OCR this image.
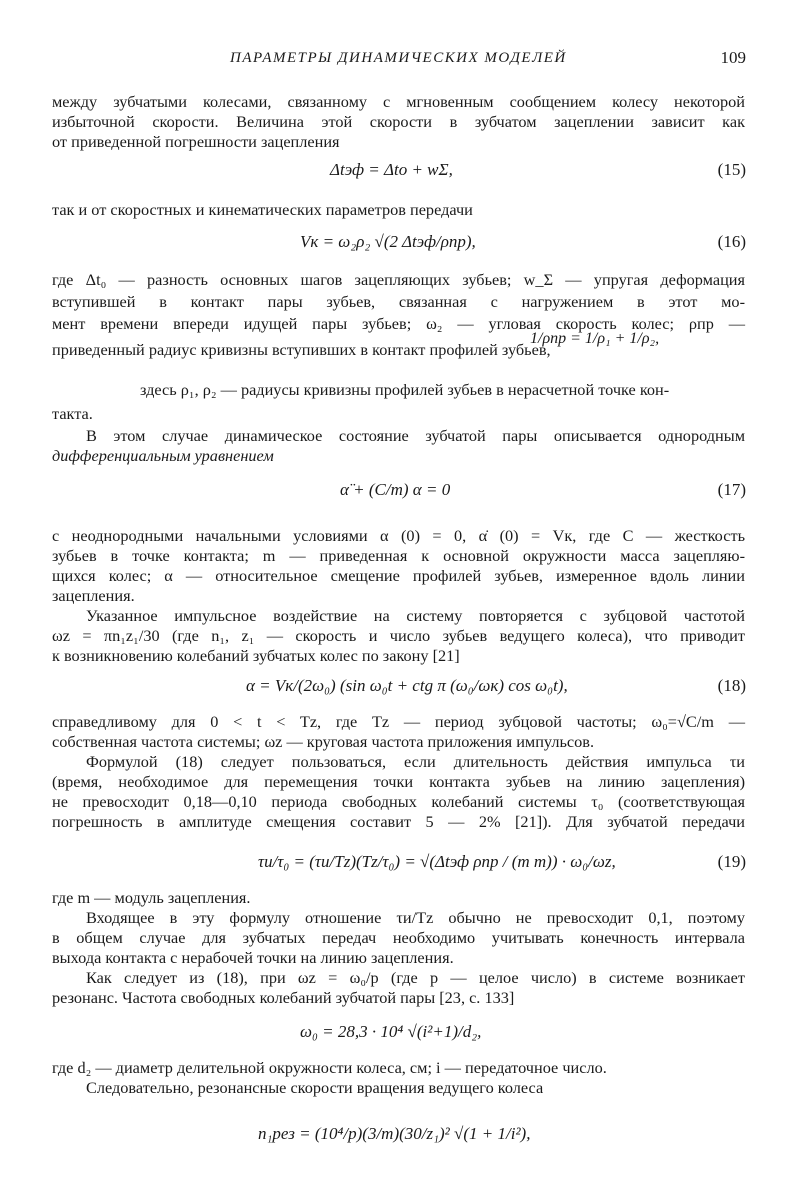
ПАРАМЕТРЫ ДИНАМИЧЕСКИХ МОДЕЛЕЙ	109
между зубчатыми колесами, связанному с мгновенным сообщением колесу некоторой
избыточной скорости. Величина этой скорости в зубчатом зацеплении зависит как
от приведенной погрешности зацепления
Δtэф = Δtо + wΣ,	(15)
так и от скоростных и кинематических параметров передачи
Vк = ω₂ρ₂ √(2 Δtэф/ρпр),	(16)
где Δt₀ — разность основных шагов зацепляющих зубьев; w_Σ — упругая деформация
вступившей в контакт пары зубьев, связанная с нагружением в этот мо-
мент времени впереди идущей пары зубьев; ω₂ — угловая скорость колес; ρпр —
приведенный радиус кривизны вступивших в контакт профилей зубьев,
1/ρпр = 1/ρ₁ + 1/ρ₂,
здесь ρ₁, ρ₂ — радиусы кривизны профилей зубьев в нерасчетной точке кон-
такта.
В этом случае динамическое состояние зубчатой пары описывается однородным
дифференциальным уравнением
α̈ + (C/m) α = 0	(17)
с неоднородными начальными условиями α (0) = 0, α̇ (0) = Vк, где C — жесткость
зубьев в точке контакта; m — приведенная к основной окружности масса зацепляю-
щихся колес; α — относительное смещение профилей зубьев, измеренное вдоль линии
зацепления.
Указанное импульсное воздействие на систему повторяется с зубцовой частотой
ωz = πn₁z₁/30 (где n₁, z₁ — скорость и число зубьев ведущего колеса), что приводит
к возникновению колебаний зубчатых колес по закону [21]
α = Vк/(2ω₀) (sin ω₀t + ctg π (ω₀/ωк) cos ω₀t),	(18)
справедливому для 0 < t < Tz, где Tz — период зубцовой частоты; ω₀=√C/m —
собственная частота системы; ωz — круговая частота приложения импульсов.
Формулой (18) следует пользоваться, если длительность действия импульса τи
(время, необходимое для перемещения точки контакта зубьев на линию зацепления)
не превосходит 0,18—0,10 периода свободных колебаний системы τ₀ (соответствующая
погрешность в амплитуде смещения составит 5 — 2% [21]). Для зубчатой передачи
τи/τ₀ = (τи/Tz)(Tz/τ₀) = √(Δtэф ρпр / (m m)) · ω₀/ωz,	(19)
где m — модуль зацепления.
Входящее в эту формулу отношение τи/Tz обычно не превосходит 0,1, поэтому
в общем случае для зубчатых передач необходимо учитывать конечность интервала
выхода контакта с нерабочей точки на линию зацепления.
Как следует из (18), при ωz = ω₀/p (где p — целое число) в системе возникает
резонанс. Частота свободных колебаний зубчатой пары [23, с. 133]
ω₀ = 28,3 · 10⁴ √(i²+1)/d₂,
где d₂ — диаметр делительной окружности колеса, см; i — передаточное число.
Следовательно, резонансные скорости вращения ведущего колеса
n₁рез = (10⁴/p)(3/m)(30/z₁)² √(1 + 1/i²),
